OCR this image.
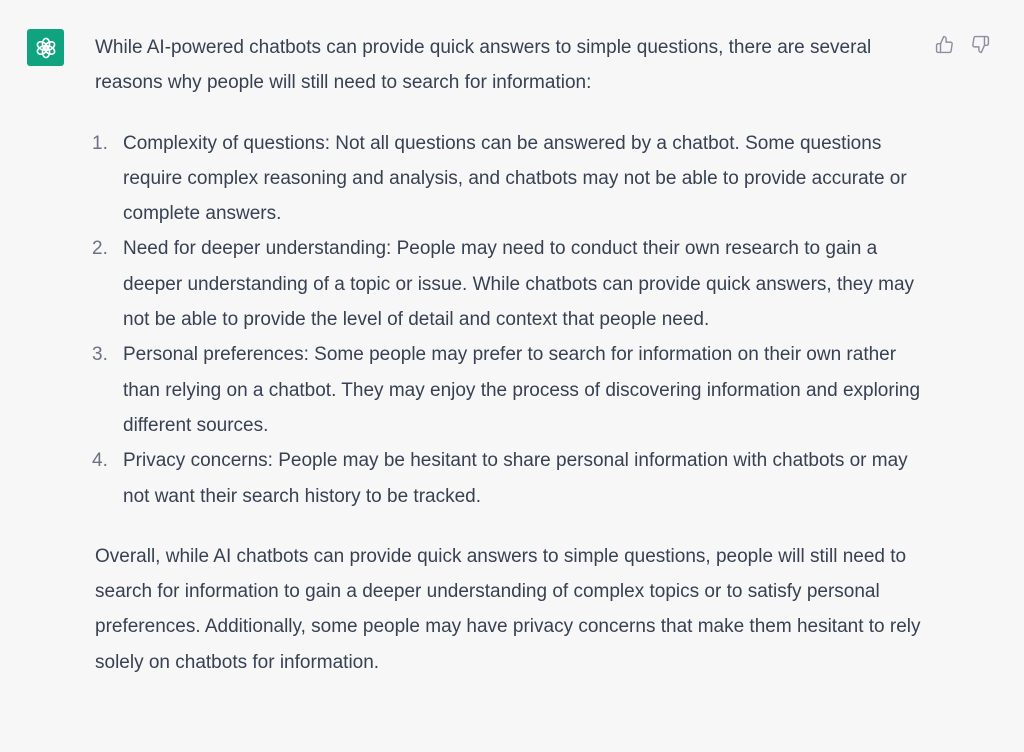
While AI-powered chatbots can provide quick answers to simple questions, there are several reasons why people will still need to search for information:

1. Complexity of questions: Not all questions can be answered by a chatbot. Some questions require complex reasoning and analysis, and chatbots may not be able to provide accurate or complete answers.
2. Need for deeper understanding: People may need to conduct their own research to gain a deeper understanding of a topic or issue. While chatbots can provide quick answers, they may not be able to provide the level of detail and context that people need.
3. Personal preferences: Some people may prefer to search for information on their own rather than relying on a chatbot. They may enjoy the process of discovering information and exploring different sources.
4. Privacy concerns: People may be hesitant to share personal information with chatbots or may not want their search history to be tracked.

Overall, while AI chatbots can provide quick answers to simple questions, people will still need to search for information to gain a deeper understanding of complex topics or to satisfy personal preferences. Additionally, some people may have privacy concerns that make them hesitant to rely solely on chatbots for information.
